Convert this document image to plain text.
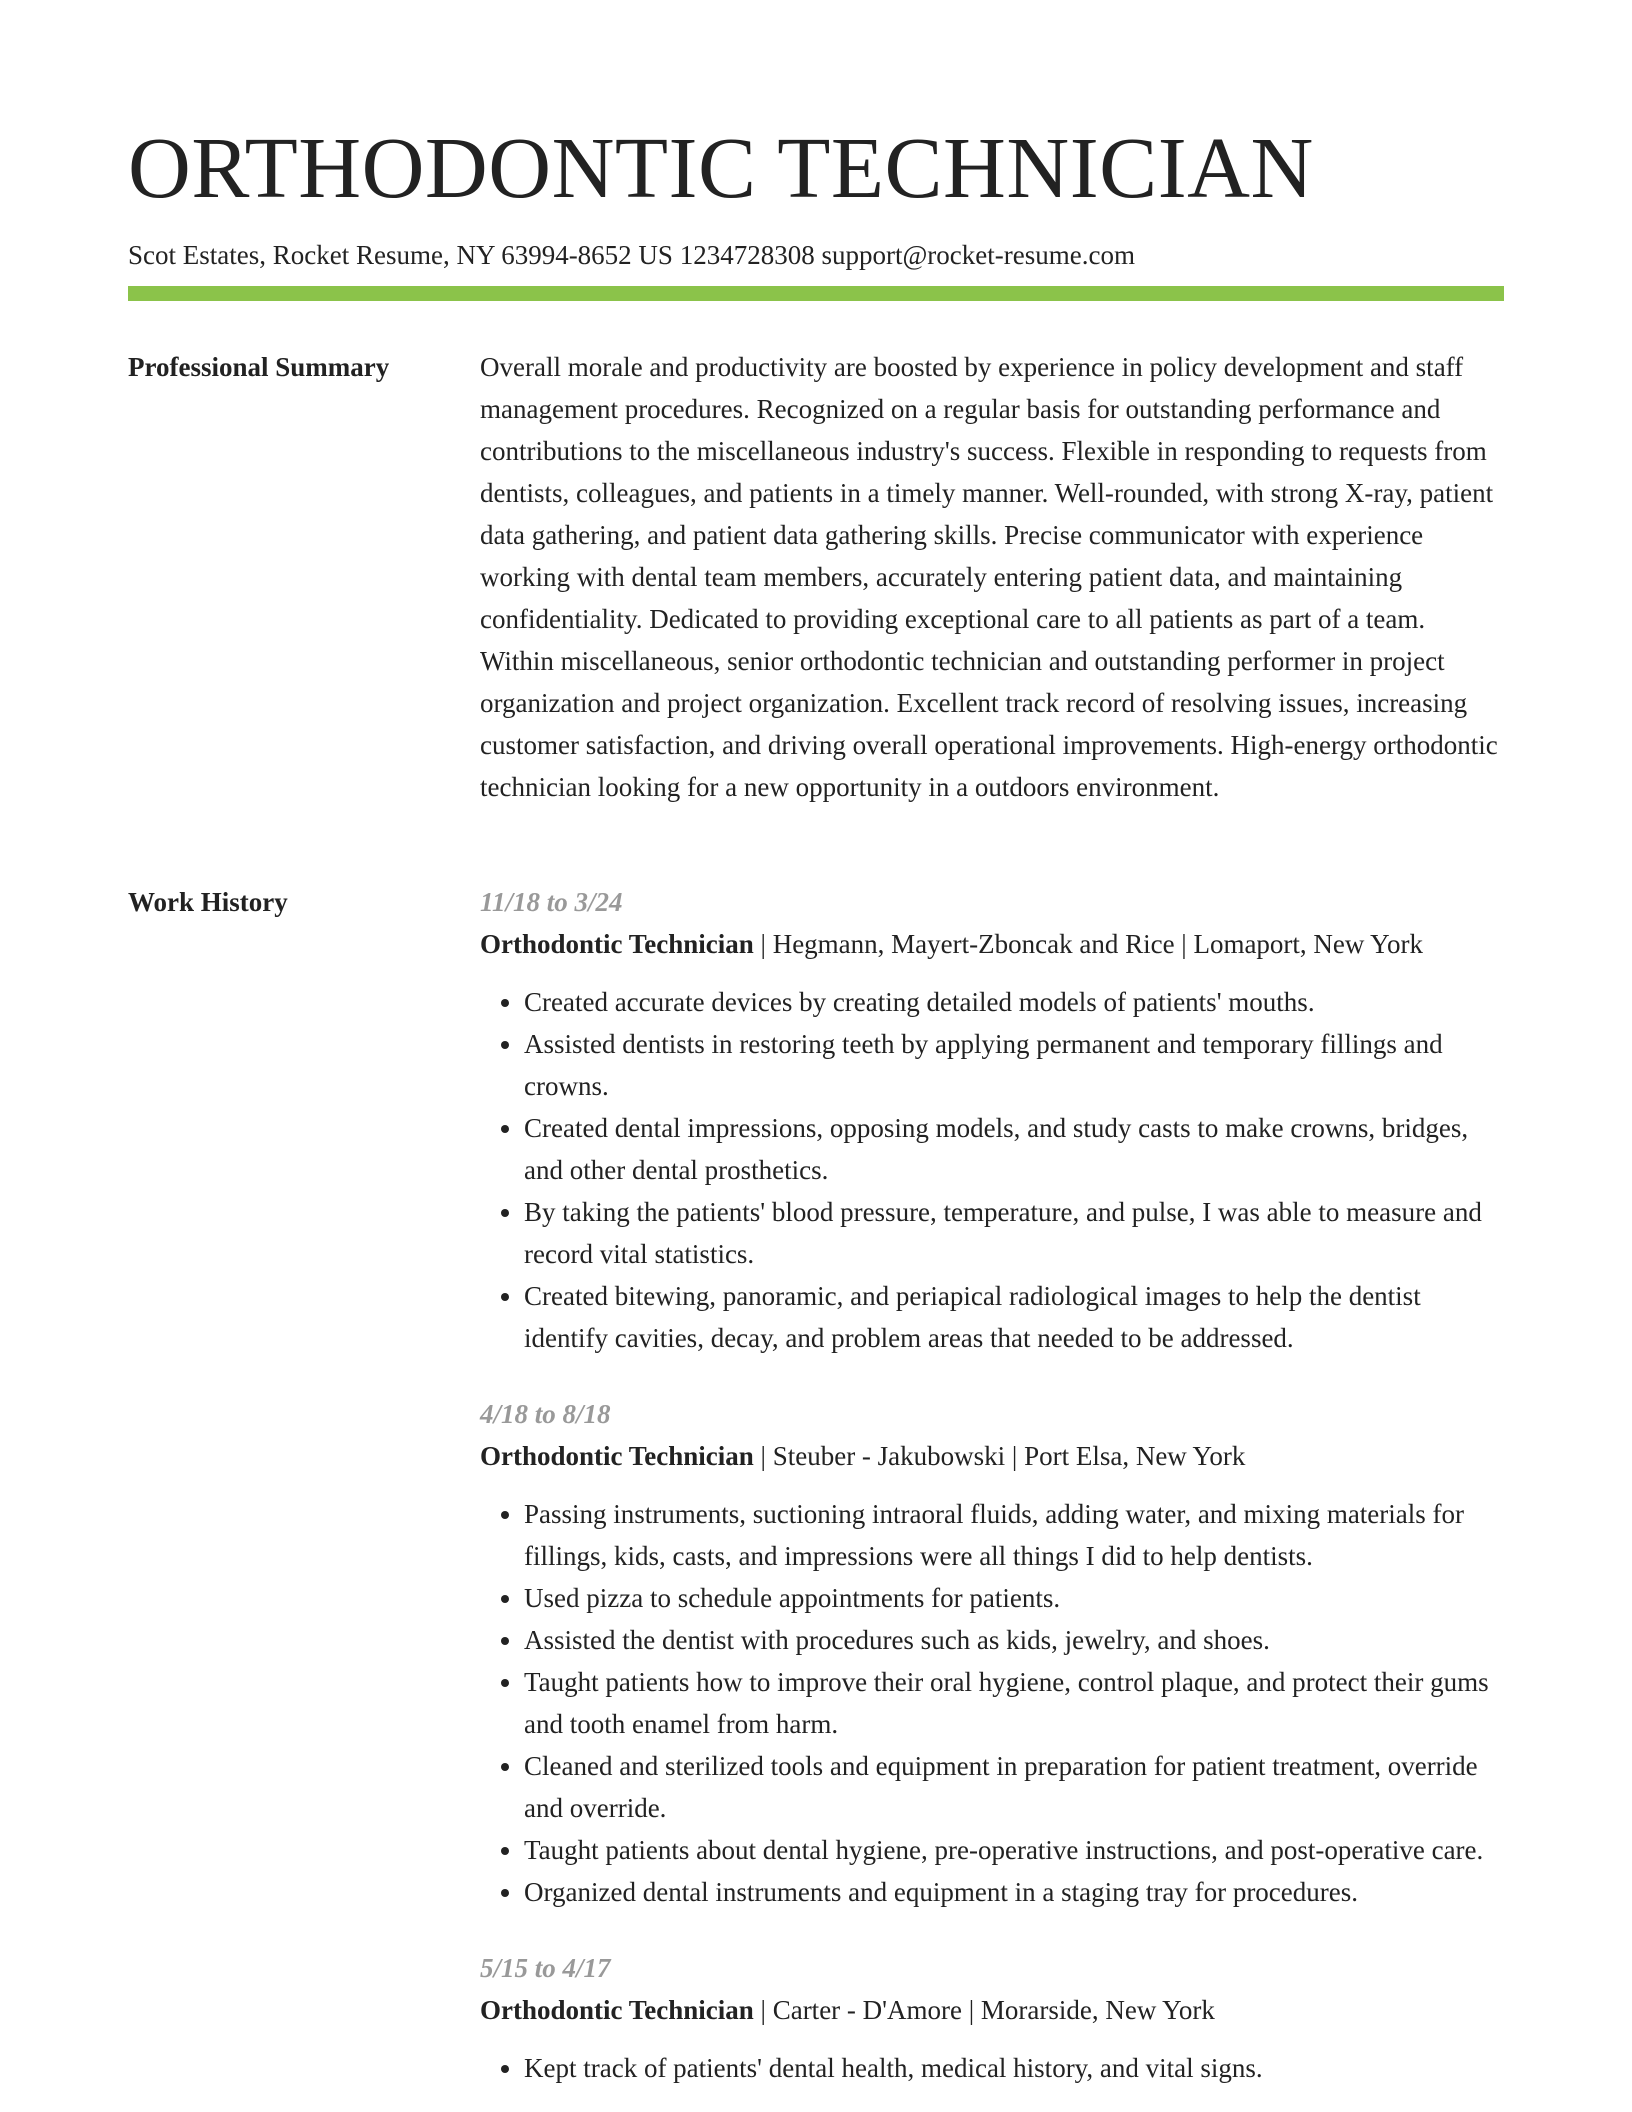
ORTHODONTIC TECHNICIAN
Scot Estates, Rocket Resume, NY 63994-8652 US 1234728308 support@rocket-resume.com
Professional Summary	Overall morale and productivity are boosted by experience in policy development and staff management procedures. Recognized on a regular basis for outstanding performance and contributions to the miscellaneous industry's success. Flexible in responding to requests from dentists, colleagues, and patients in a timely manner. Well-rounded, with strong X-ray, patient data gathering, and patient data gathering skills. Precise communicator with experience working with dental team members, accurately entering patient data, and maintaining confidentiality. Dedicated to providing exceptional care to all patients as part of a team. Within miscellaneous, senior orthodontic technician and outstanding performer in project organization and project organization. Excellent track record of resolving issues, increasing customer satisfaction, and driving overall operational improvements. High-energy orthodontic technician looking for a new opportunity in a outdoors environment.

Work History	11/18 to 3/24
Orthodontic Technician | Hegmann, Mayert-Zboncak and Rice | Lomaport, New York
• Created accurate devices by creating detailed models of patients' mouths.
• Assisted dentists in restoring teeth by applying permanent and temporary fillings and crowns.
• Created dental impressions, opposing models, and study casts to make crowns, bridges, and other dental prosthetics.
• By taking the patients' blood pressure, temperature, and pulse, I was able to measure and record vital statistics.
• Created bitewing, panoramic, and periapical radiological images to help the dentist identify cavities, decay, and problem areas that needed to be addressed.
4/18 to 8/18
Orthodontic Technician | Steuber - Jakubowski | Port Elsa, New York
• Passing instruments, suctioning intraoral fluids, adding water, and mixing materials for fillings, kids, casts, and impressions were all things I did to help dentists.
• Used pizza to schedule appointments for patients.
• Assisted the dentist with procedures such as kids, jewelry, and shoes.
• Taught patients how to improve their oral hygiene, control plaque, and protect their gums and tooth enamel from harm.
• Cleaned and sterilized tools and equipment in preparation for patient treatment, override and override.
• Taught patients about dental hygiene, pre-operative instructions, and post-operative care.
• Organized dental instruments and equipment in a staging tray for procedures.
5/15 to 4/17
Orthodontic Technician | Carter - D'Amore | Morarside, New York
• Kept track of patients' dental health, medical history, and vital signs.
